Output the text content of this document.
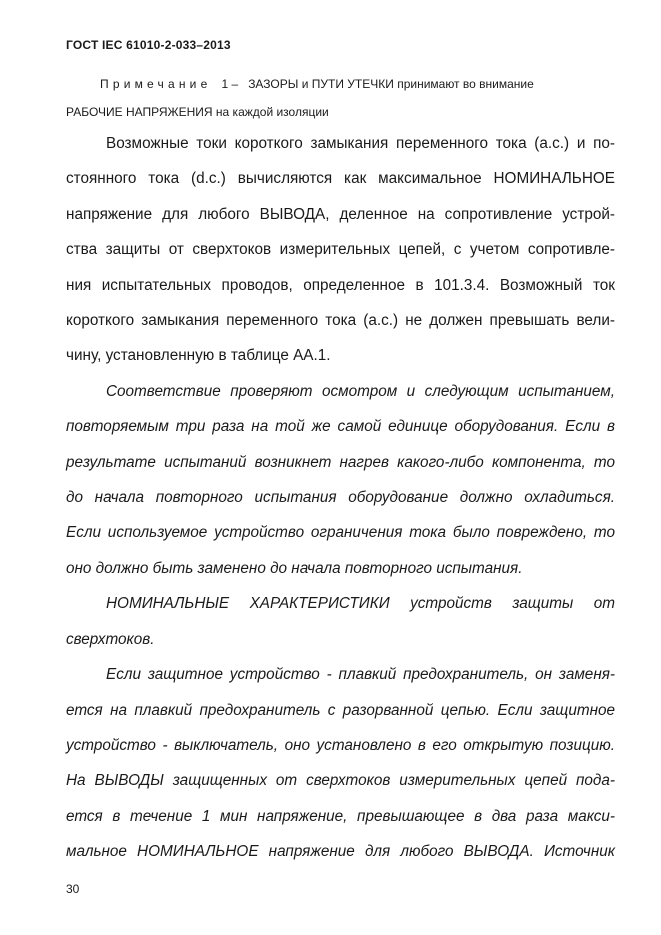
ГОСТ IEC 61010-2-033–2013
Примечание 1 – ЗАЗОРЫ и ПУТИ УТЕЧКИ принимают во внимание
РАБОЧИЕ НАПРЯЖЕНИЯ на каждой изоляции
Возможные токи короткого замыкания переменного тока (a.c.) и по-
стоянного тока (d.c.) вычисляются как максимальное НОМИНАЛЬНОЕ
напряжение для любого ВЫВОДА, деленное на сопротивление устрой-
ства защиты от сверхтоков измерительных цепей, с учетом сопротивле-
ния испытательных проводов, определенное в 101.3.4. Возможный ток
короткого замыкания переменного тока (a.c.) не должен превышать вели-
чину, установленную в таблице АА.1.
Соответствие проверяют осмотром и следующим испытанием,
повторяемым три раза на той же самой единице оборудования. Если в
результате испытаний возникнет нагрев какого-либо компонента, то
до начала повторного испытания оборудование должно охладиться.
Если используемое устройство ограничения тока было повреждено, то
оно должно быть заменено до начала повторного испытания.
НОМИНАЛЬНЫЕ ХАРАКТЕРИСТИКИ устройств защиты от
сверхтоков.
Если защитное устройство - плавкий предохранитель, он заменя-
ется на плавкий предохранитель с разорванной цепью. Если защитное
устройство - выключатель, оно установлено в его открытую позицию.
На ВЫВОДЫ защищенных от сверхтоков измерительных цепей пода-
ется в течение 1 мин напряжение, превышающее в два раза макси-
мальное НОМИНАЛЬНОЕ напряжение для любого ВЫВОДА. Источник
30
